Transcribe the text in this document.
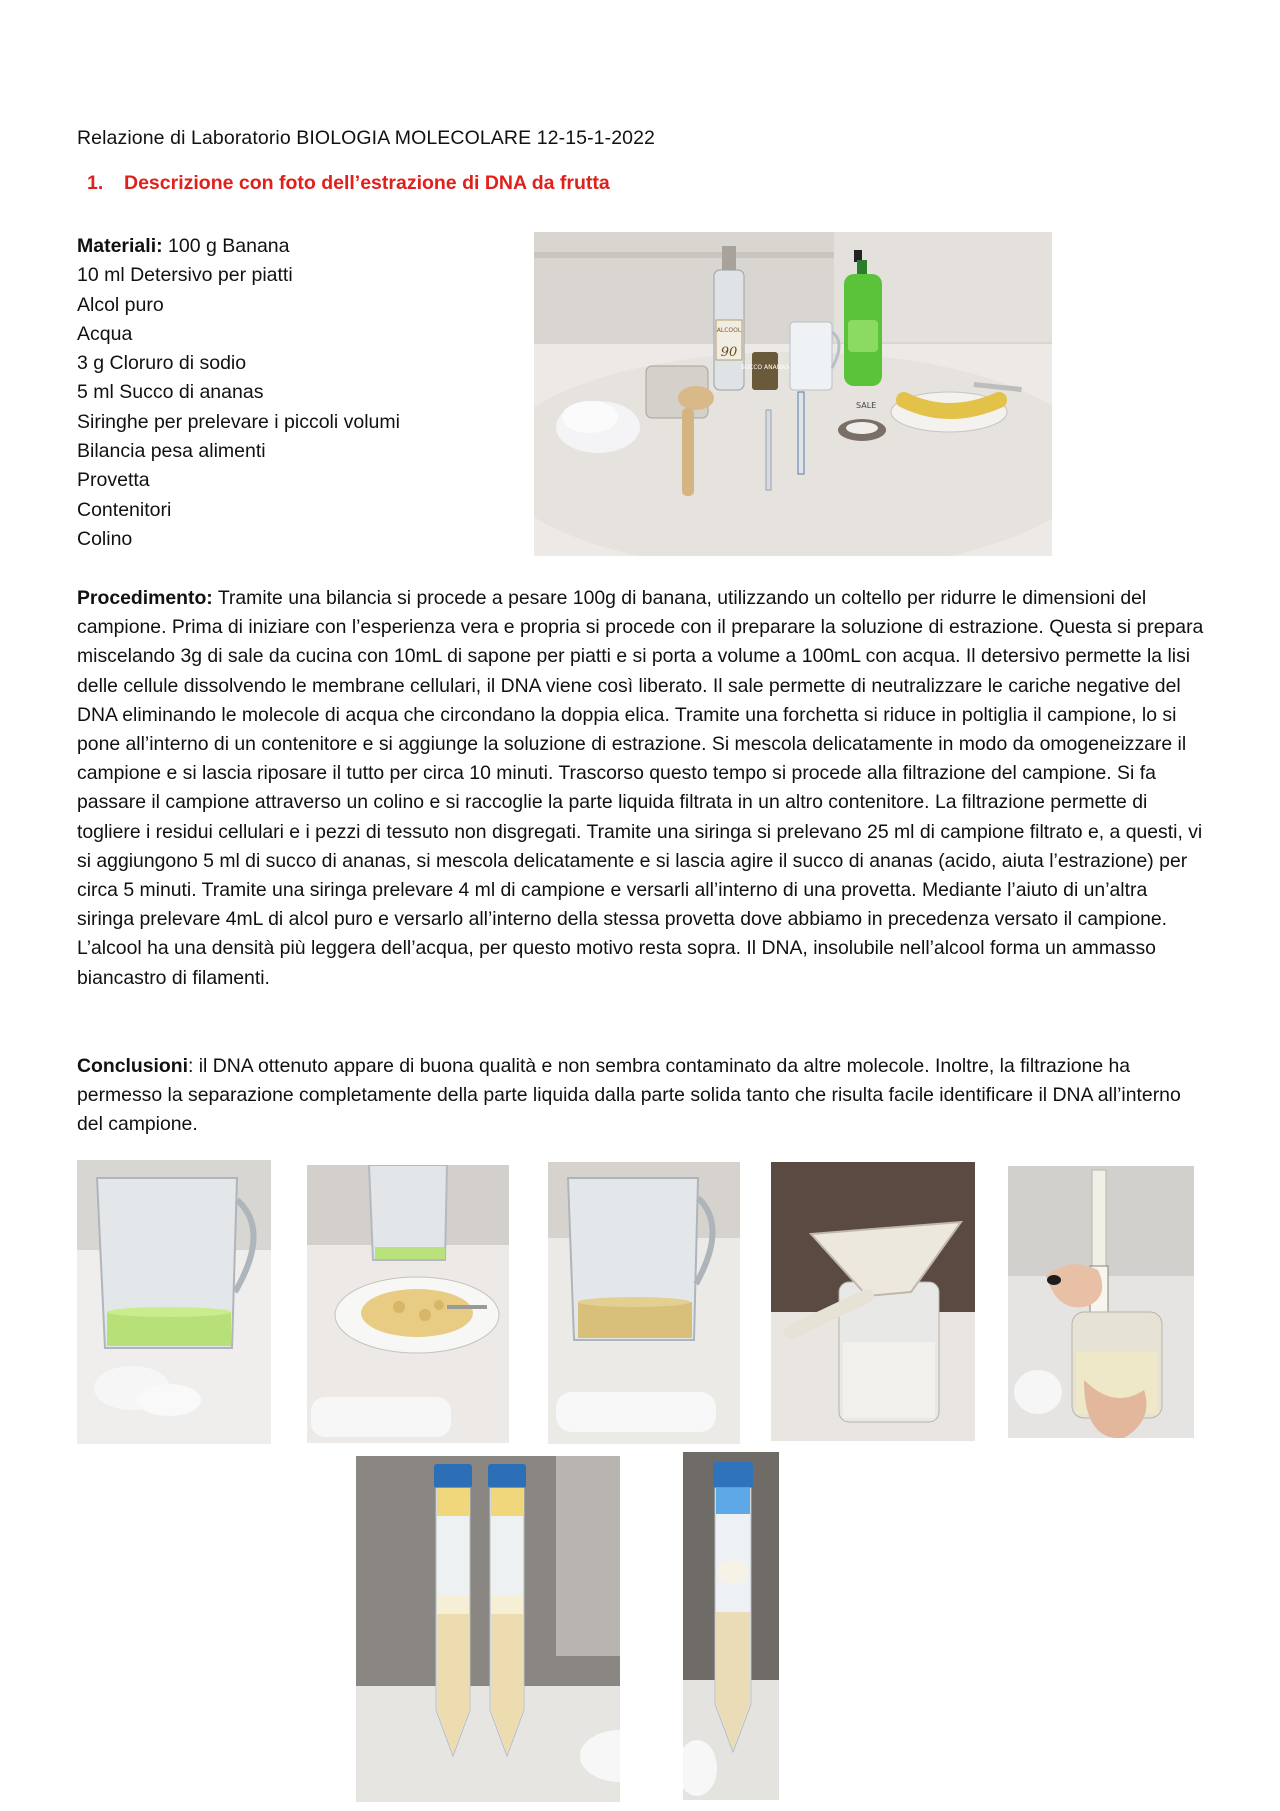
Relazione di Laboratorio BIOLOGIA MOLECOLARE 12-15-1-2022
1. Descrizione con foto dell’estrazione di DNA da frutta
Materiali: 100 g Banana
10 ml Detersivo per piatti
Alcol puro
Acqua
3 g Cloruro di sodio
5 ml Succo di ananas
Siringhe per prelevare i piccoli volumi
Bilancia pesa alimenti
Provetta
Contenitori
Colino
ALCOOL
90
SUCCO ANANAS
SALE

Procedimento: Tramite una bilancia si procede a pesare 100g di banana, utilizzando un coltello per ridurre le dimensioni del campione. Prima di iniziare con l’esperienza vera e propria si procede con il preparare la soluzione di estrazione. Questa si prepara miscelando 3g di sale da cucina con 10mL di sapone per piatti e si porta a volume a 100mL con acqua. Il detersivo permette la lisi delle cellule dissolvendo le membrane cellulari, il DNA viene così liberato. Il sale permette di neutralizzare le cariche negative del DNA eliminando le molecole di acqua che circondano la doppia elica. Tramite una forchetta si riduce in poltiglia il campione, lo si pone all’interno di un contenitore e si aggiunge la soluzione di estrazione. Si mescola delicatamente in modo da omogeneizzare il campione e si lascia riposare il tutto per circa 10 minuti. Trascorso questo tempo si procede alla filtrazione del campione. Si fa passare il campione attraverso un colino e si raccoglie la parte liquida filtrata in un altro contenitore. La filtrazione permette di togliere i residui cellulari e i pezzi di tessuto non disgregati. Tramite una siringa si prelevano 25 ml di campione filtrato e, a questi, vi si aggiungono 5 ml di succo di ananas, si mescola delicatamente e si lascia agire il succo di ananas (acido, aiuta l’estrazione) per circa 5 minuti. Tramite una siringa prelevare 4 ml di campione e versarli all’interno di una provetta. Mediante l’aiuto di un’altra siringa prelevare 4mL di alcol puro e versarlo all’interno della stessa provetta dove abbiamo in precedenza versato il campione. L’alcool ha una densità più leggera dell’acqua, per questo motivo resta sopra. Il DNA, insolubile nell’alcool forma un ammasso biancastro di filamenti.

Conclusioni: il DNA ottenuto appare di buona qualità e non sembra contaminato da altre molecole. Inoltre, la filtrazione ha permesso la separazione completamente della parte liquida dalla parte solida tanto che risulta facile identificare il DNA all’interno del campione.
